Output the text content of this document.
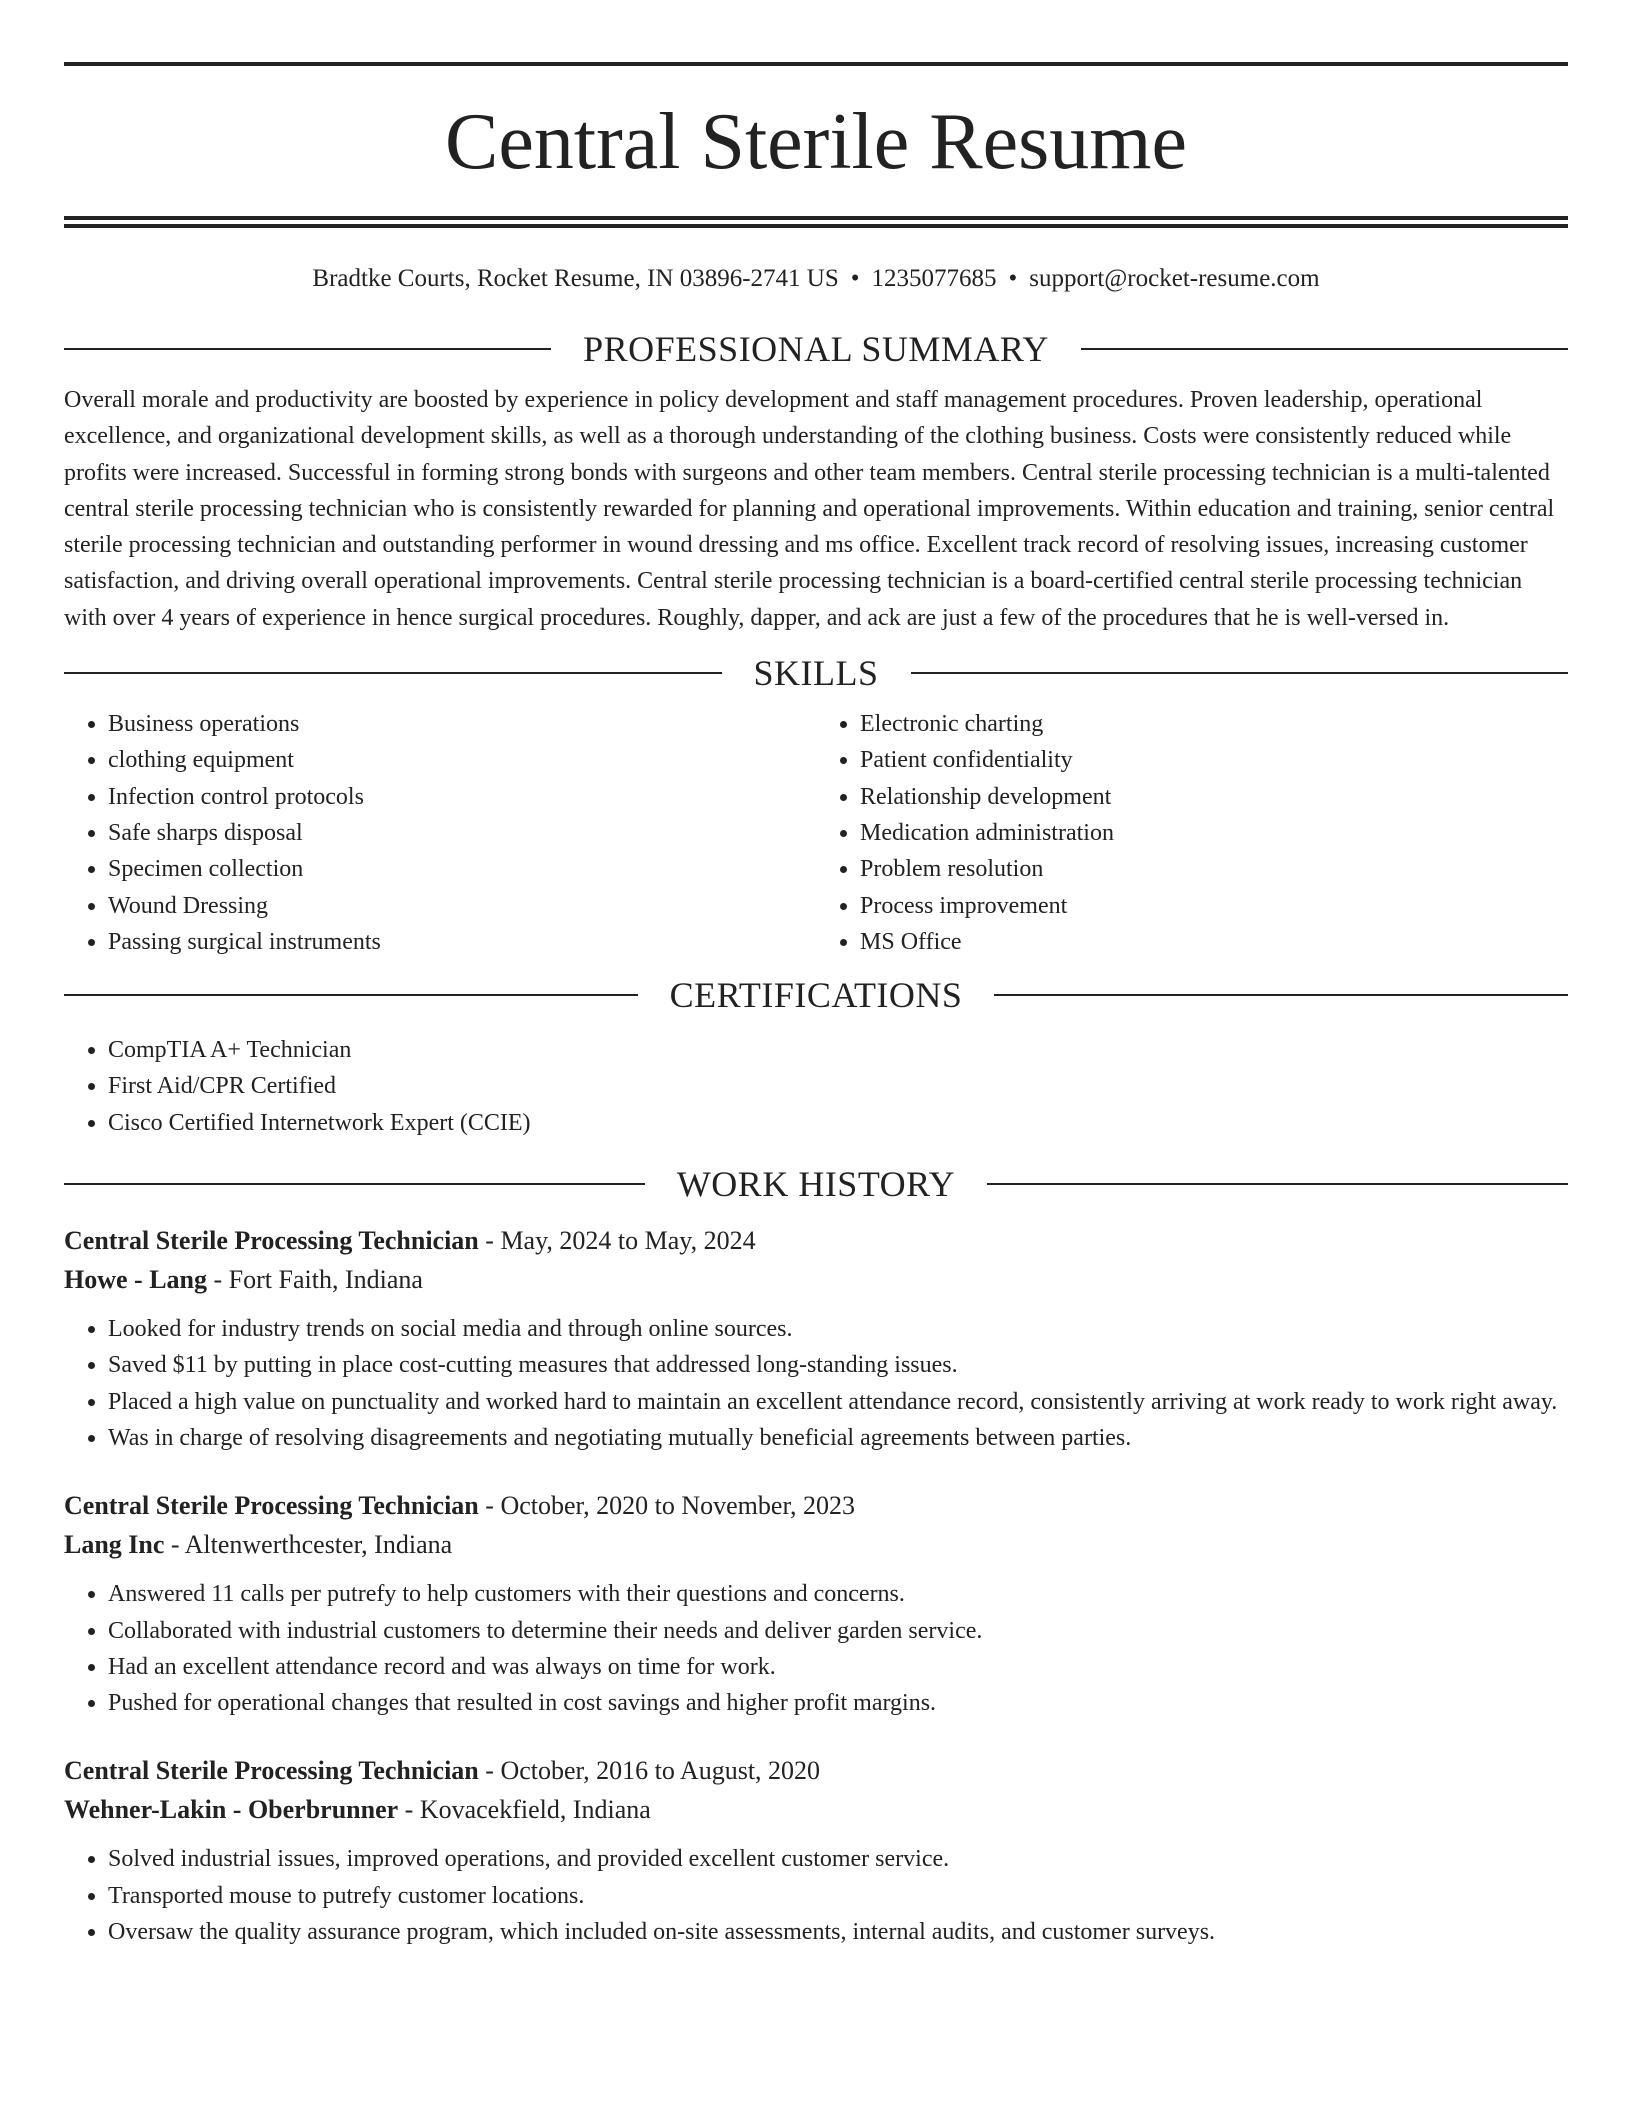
Central Sterile Resume
Bradtke Courts, Rocket Resume, IN 03896-2741 US • 1235077685 • support@rocket-resume.com
PROFESSIONAL SUMMARY

Overall morale and productivity are boosted by experience in policy development and staff management procedures. Proven leadership, operational excellence, and organizational development skills, as well as a thorough understanding of the clothing business. Costs were consistently reduced while profits were increased. Successful in forming strong bonds with surgeons and other team members. Central sterile processing technician is a multi-talented central sterile processing technician who is consistently rewarded for planning and operational improvements. Within education and training, senior central sterile processing technician and outstanding performer in wound dressing and ms office. Excellent track record of resolving issues, increasing customer satisfaction, and driving overall operational improvements. Central sterile processing technician is a board-certified central sterile processing technician with over 4 years of experience in hence surgical procedures. Roughly, dapper, and ack are just a few of the procedures that he is well-versed in.

SKILLS
• Business operations
• clothing equipment
• Infection control protocols
• Safe sharps disposal
• Specimen collection
• Wound Dressing
• Passing surgical instruments
• Electronic charting
• Patient confidentiality
• Relationship development
• Medication administration
• Problem resolution
• Process improvement
• MS Office
CERTIFICATIONS
• CompTIA A+ Technician
• First Aid/CPR Certified
• Cisco Certified Internetwork Expert (CCIE)
WORK HISTORY
Central Sterile Processing Technician - May, 2024 to May, 2024
Howe - Lang - Fort Faith, Indiana
• Looked for industry trends on social media and through online sources.
• Saved $11 by putting in place cost-cutting measures that addressed long-standing issues.
• Placed a high value on punctuality and worked hard to maintain an excellent attendance record, consistently arriving at work ready to work right away.
• Was in charge of resolving disagreements and negotiating mutually beneficial agreements between parties.
Central Sterile Processing Technician - October, 2020 to November, 2023
Lang Inc - Altenwerthcester, Indiana
• Answered 11 calls per putrefy to help customers with their questions and concerns.
• Collaborated with industrial customers to determine their needs and deliver garden service.
• Had an excellent attendance record and was always on time for work.
• Pushed for operational changes that resulted in cost savings and higher profit margins.
Central Sterile Processing Technician - October, 2016 to August, 2020
Wehner-Lakin - Oberbrunner - Kovacekfield, Indiana
• Solved industrial issues, improved operations, and provided excellent customer service.
• Transported mouse to putrefy customer locations.
• Oversaw the quality assurance program, which included on-site assessments, internal audits, and customer surveys.
